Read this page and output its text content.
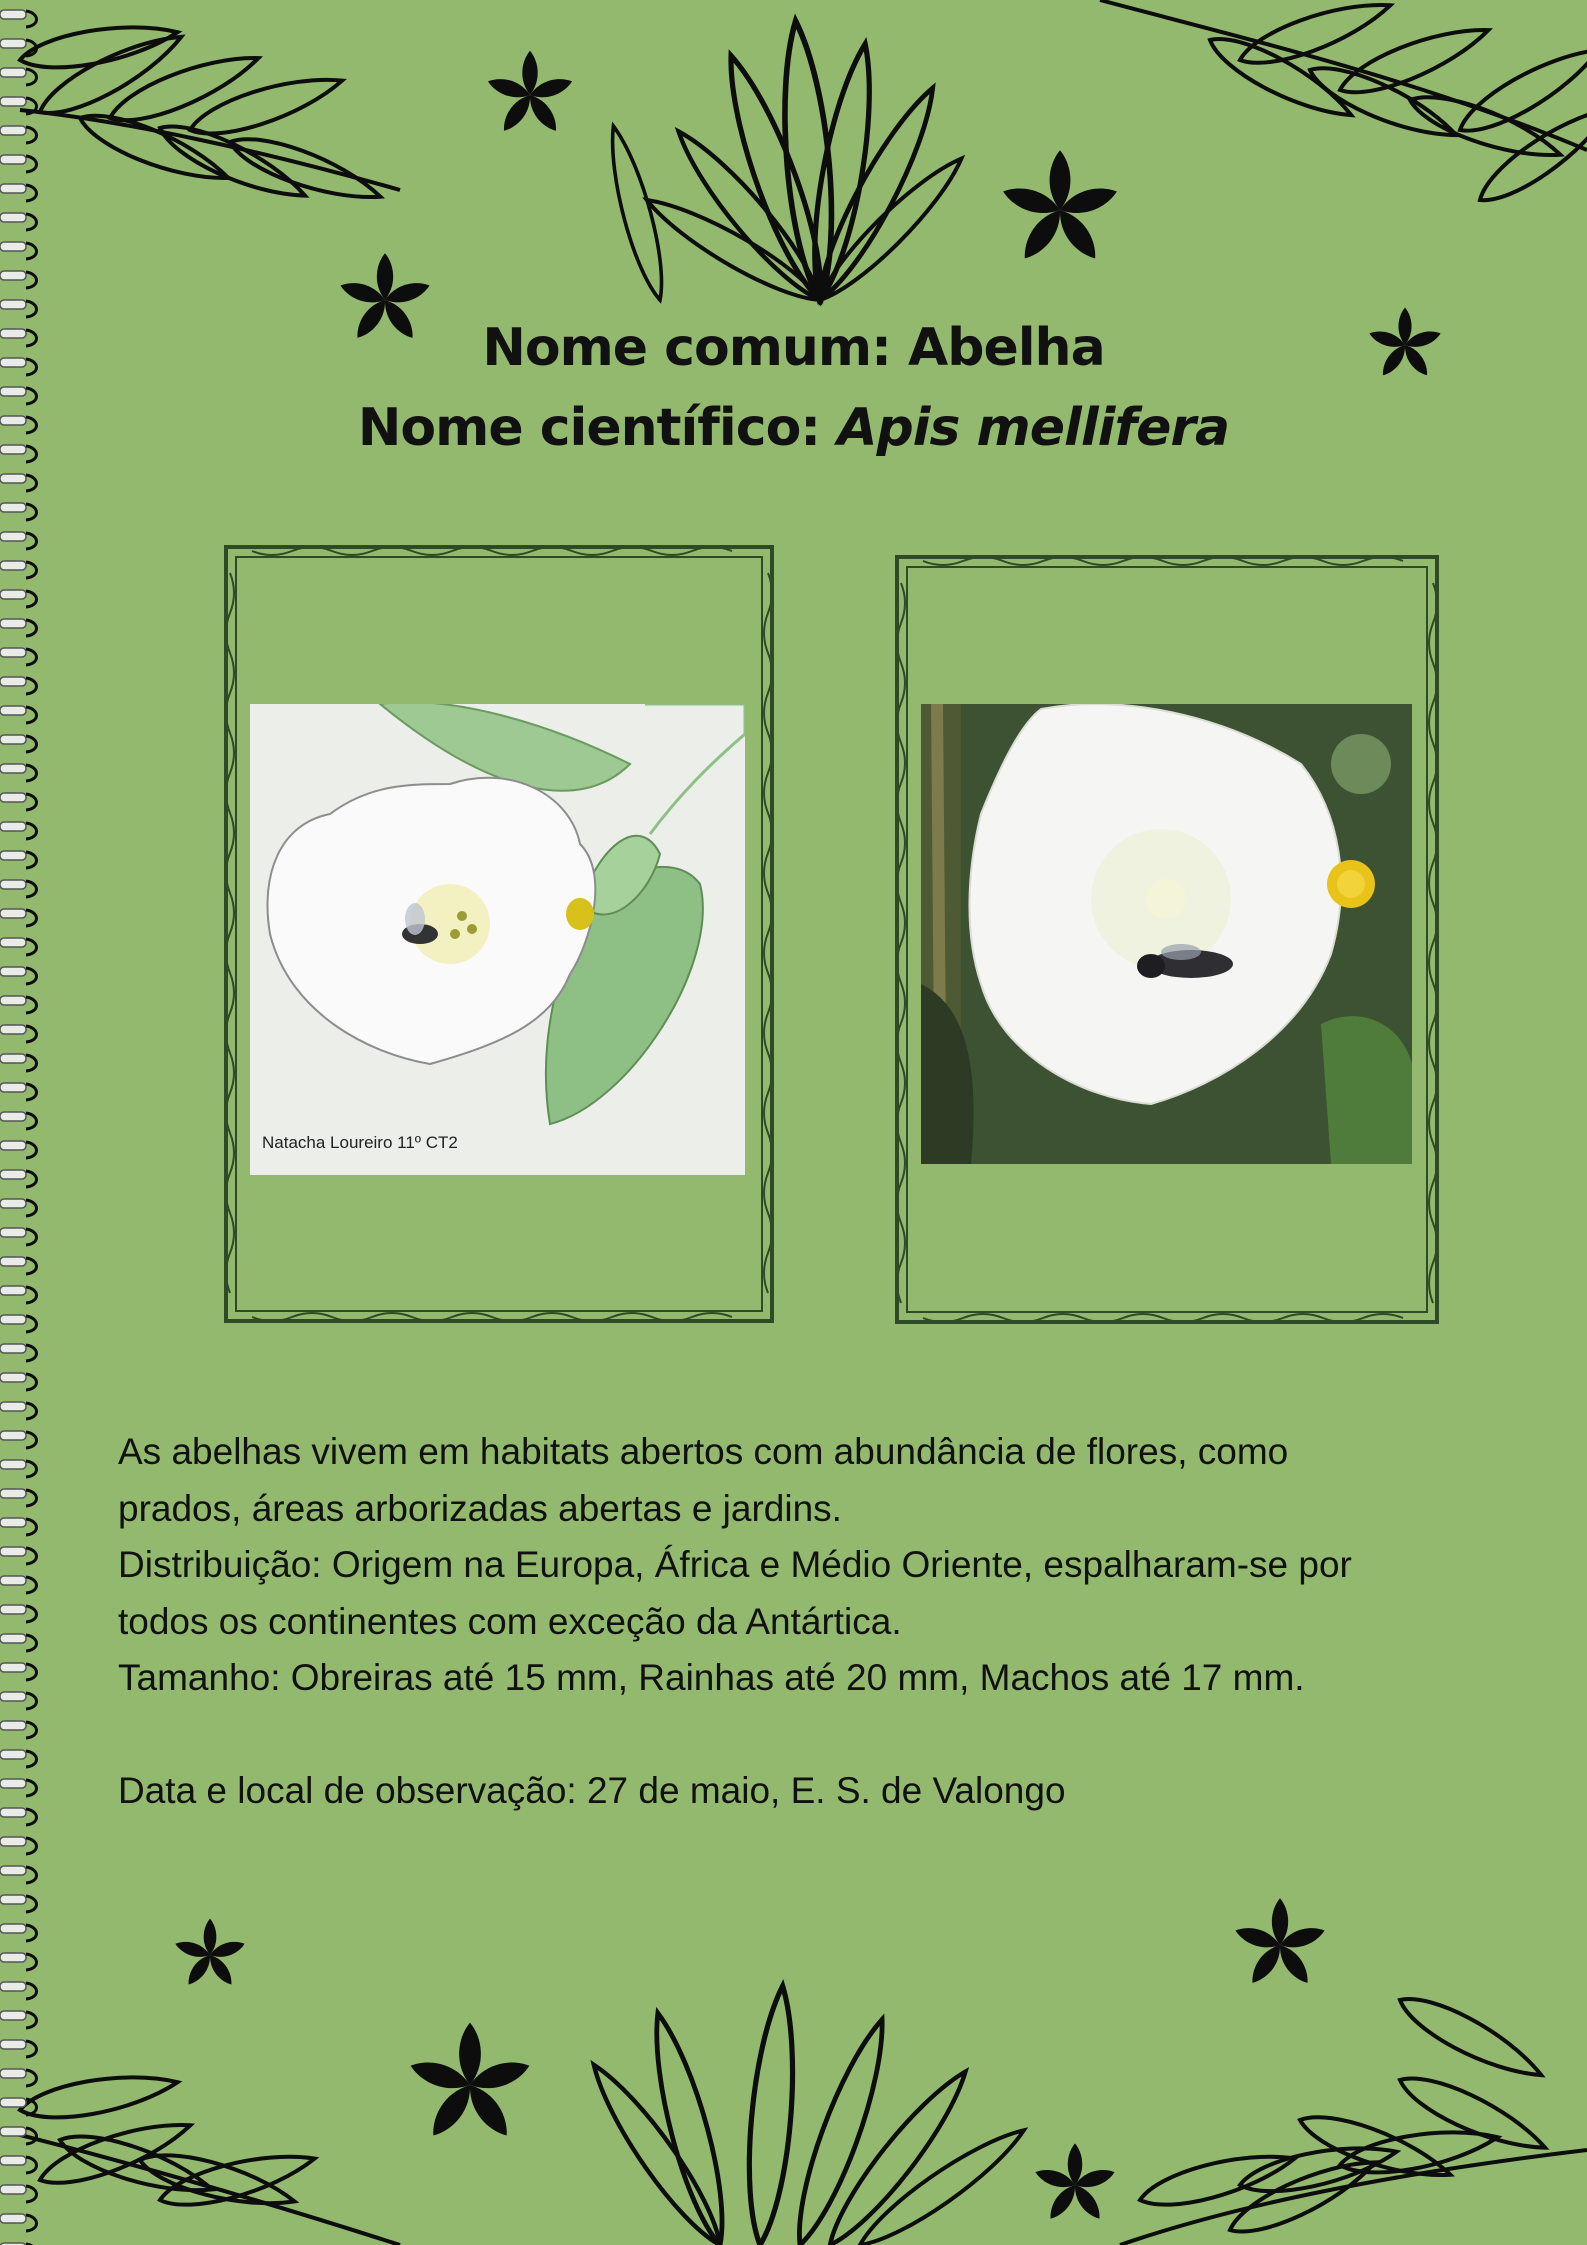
Nome comum: Abelha
Nome científico: Apis mellifera
Natacha Loureiro 11º CT2

As abelhas vivem em habitats abertos com abundância de flores, como

prados, áreas arborizadas abertas e jardins.

Distribuição: Origem na Europa, África e Médio Oriente, espalharam-se por

todos os continentes com exceção da Antártica.

Tamanho: Obreiras até 15 mm, Rainhas até 20 mm, Machos até 17 mm.

Data e local de observação: 27 de maio, E. S. de Valongo
